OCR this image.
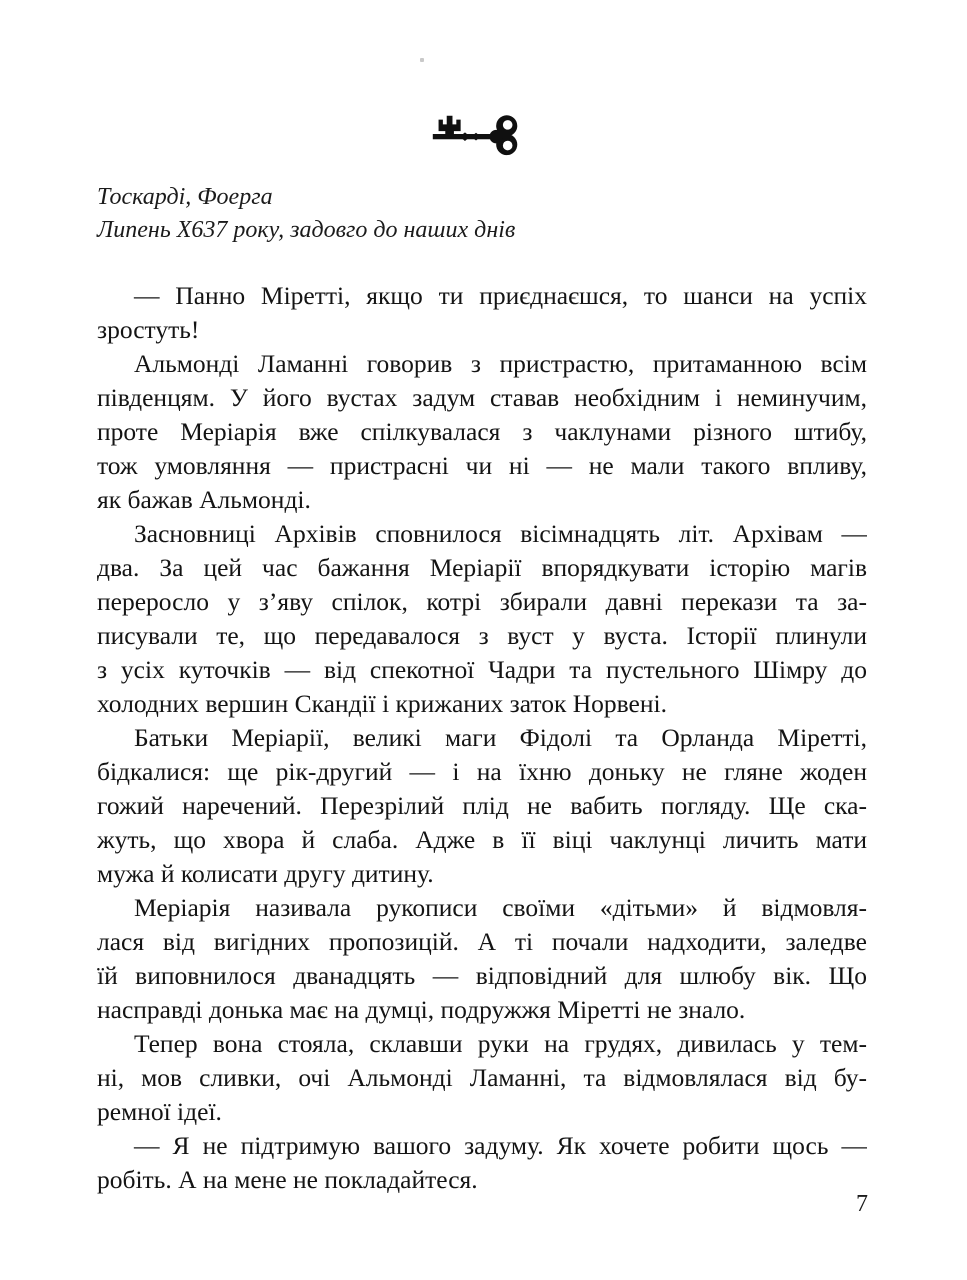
Тоскарді, Фоерга
Липень Х637 року, задовго до наших днів
— Панно Міретті, якщо ти приєднаєшся, то шанси на успіх
зростуть!
Альмонді Ламанні говорив з пристрастю, притаманною всім
південцям. У його вустах задум ставав необхідним і неминучим,
проте Меріарія вже спілкувалася з чаклунами різного штибу,
тож умовляння — пристрасні чи ні — не мали такого впливу,
як бажав Альмонді.
Засновниці Архівів сповнилося вісімнадцять літ. Архівам —
два. За цей час бажання Меріарії впорядкувати історію магів
переросло у з’яву спілок, котрі збирали давні перекази та за-
писували те, що передавалося з вуст у вуста. Історії плинули
з усіх куточків — від спекотної Чадри та пустельного Шімру до
холодних вершин Скандії і крижаних заток Норвені.
Батьки Меріарії, великі маги Фідолі та Орланда Міретті,
бідкалися: ще рік-другий — і на їхню доньку не гляне жоден
гожий наречений. Перезрілий плід не вабить погляду. Ще ска-
жуть, що хвора й слаба. Адже в її віці чаклунці личить мати
мужа й колисати другу дитину.
Меріарія називала рукописи своїми «дітьми» й відмовля-
лася від вигідних пропозицій. А ті почали надходити, заледве
їй виповнилося дванадцять — відповідний для шлюбу вік. Що
насправді донька має на думці, подружжя Міретті не знало.
Тепер вона стояла, склавши руки на грудях, дивилась у тем-
ні, мов сливки, очі Альмонді Ламанні, та відмовлялася від бу-
ремної ідеї.
— Я не підтримую вашого задуму. Як хочете робити щось —
робіть. А на мене не покладайтеся.
7
